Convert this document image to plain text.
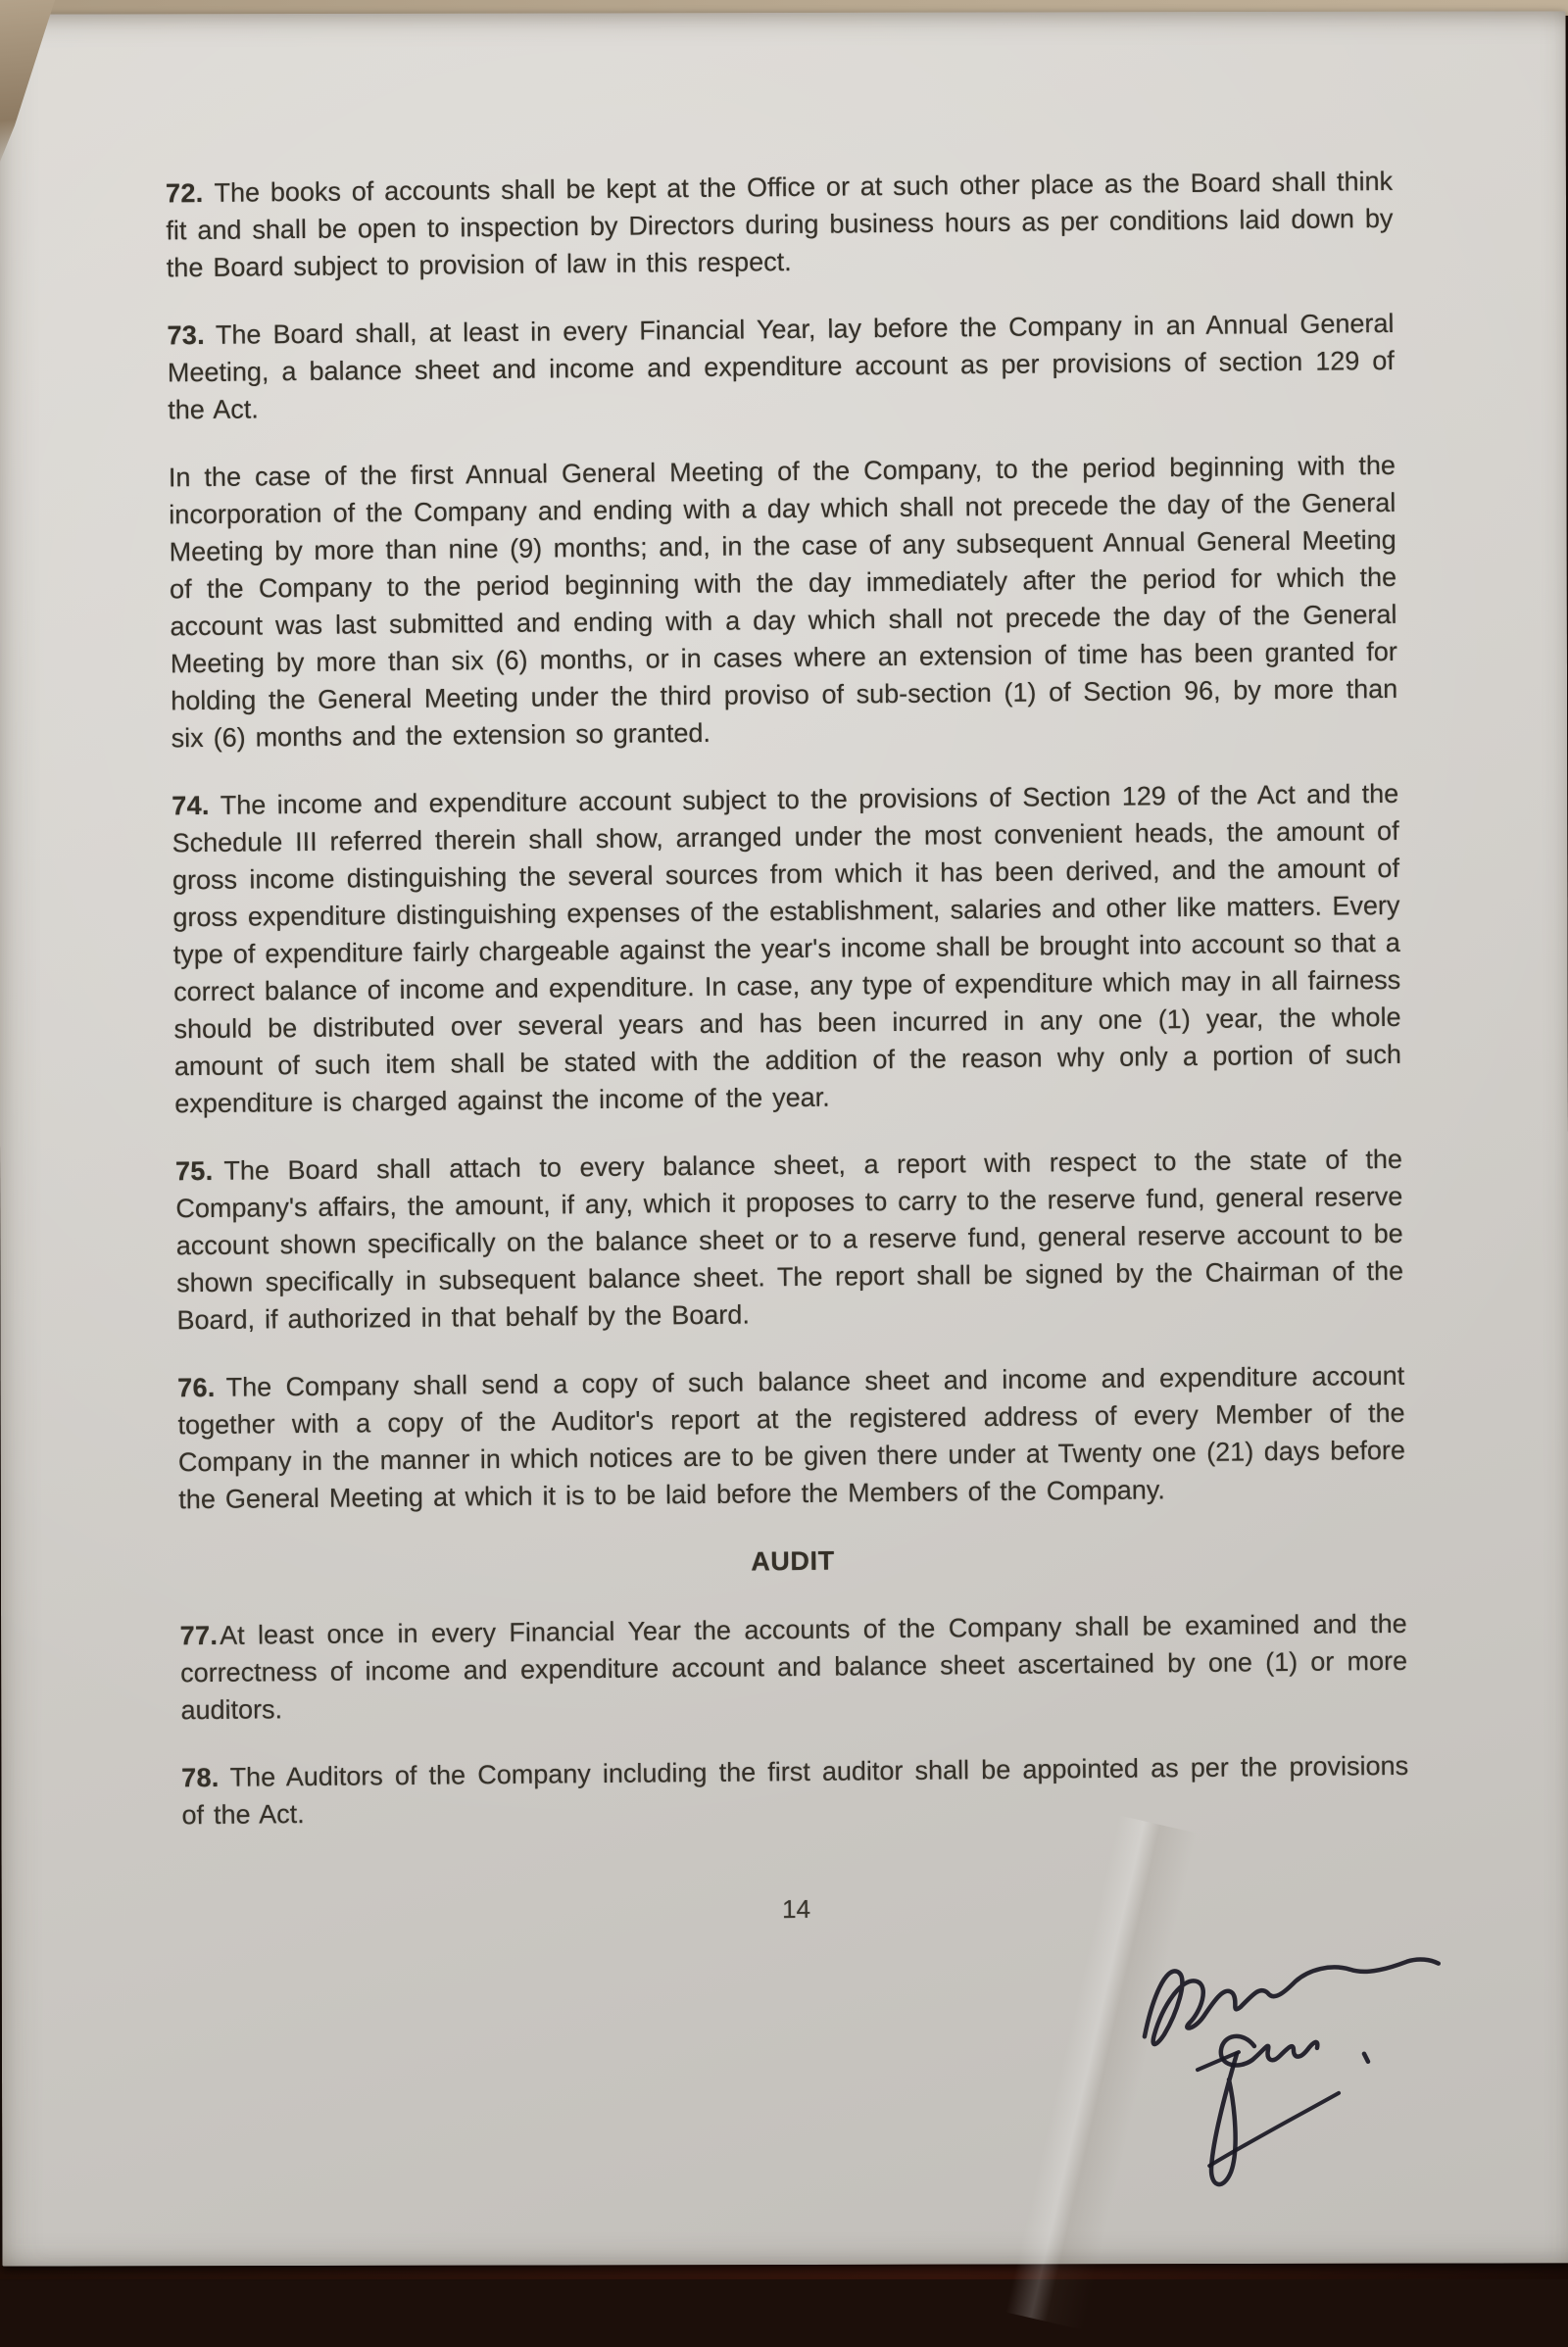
72. The books of accounts shall be kept at the Office or at such other place as the Board shall think fit and shall be open to inspection by Directors during business hours as per conditions laid down by the Board subject to provision of law in this respect.

73. The Board shall, at least in every Financial Year, lay before the Company in an Annual General Meeting, a balance sheet and income and expenditure account as per provisions of section 129 of the Act.

In the case of the first Annual General Meeting of the Company, to the period beginning with the incorporation of the Company and ending with a day which shall not precede the day of the General Meeting by more than nine (9) months; and, in the case of any subsequent Annual General Meeting of the Company to the period beginning with the day immediately after the period for which the account was last submitted and ending with a day which shall not precede the day of the General Meeting by more than six (6) months, or in cases where an extension of time has been granted for holding the General Meeting under the third proviso of sub-section (1) of Section 96, by more than six (6) months and the extension so granted.

74. The income and expenditure account subject to the provisions of Section 129 of the Act and the Schedule III referred therein shall show, arranged under the most convenient heads, the amount of gross income distinguishing the several sources from which it has been derived, and the amount of gross expenditure distinguishing expenses of the establishment, salaries and other like matters. Every type of expenditure fairly chargeable against the year's income shall be brought into account so that a correct balance of income and expenditure. In case, any type of expenditure which may in all fairness should be distributed over several years and has been incurred in any one (1) year, the whole amount of such item shall be stated with the addition of the reason why only a portion of such expenditure is charged against the income of the year.

75. The Board shall attach to every balance sheet, a report with respect to the state of the Company's affairs, the amount, if any, which it proposes to carry to the reserve fund, general reserve account shown specifically on the balance sheet or to a reserve fund, general reserve account to be shown specifically in subsequent balance sheet. The report shall be signed by the Chairman of the Board, if authorized in that behalf by the Board.

76. The Company shall send a copy of such balance sheet and income and expenditure account together with a copy of the Auditor's report at the registered address of every Member of the Company in the manner in which notices are to be given there under at Twenty one (21) days before the General Meeting at which it is to be laid before the Members of the Company.

AUDIT

77.At least once in every Financial Year the accounts of the Company shall be examined and the correctness of income and expenditure account and balance sheet ascertained by one (1) or more auditors.

78. The Auditors of the Company including the first auditor shall be appointed as per the provisions of the Act.

14
